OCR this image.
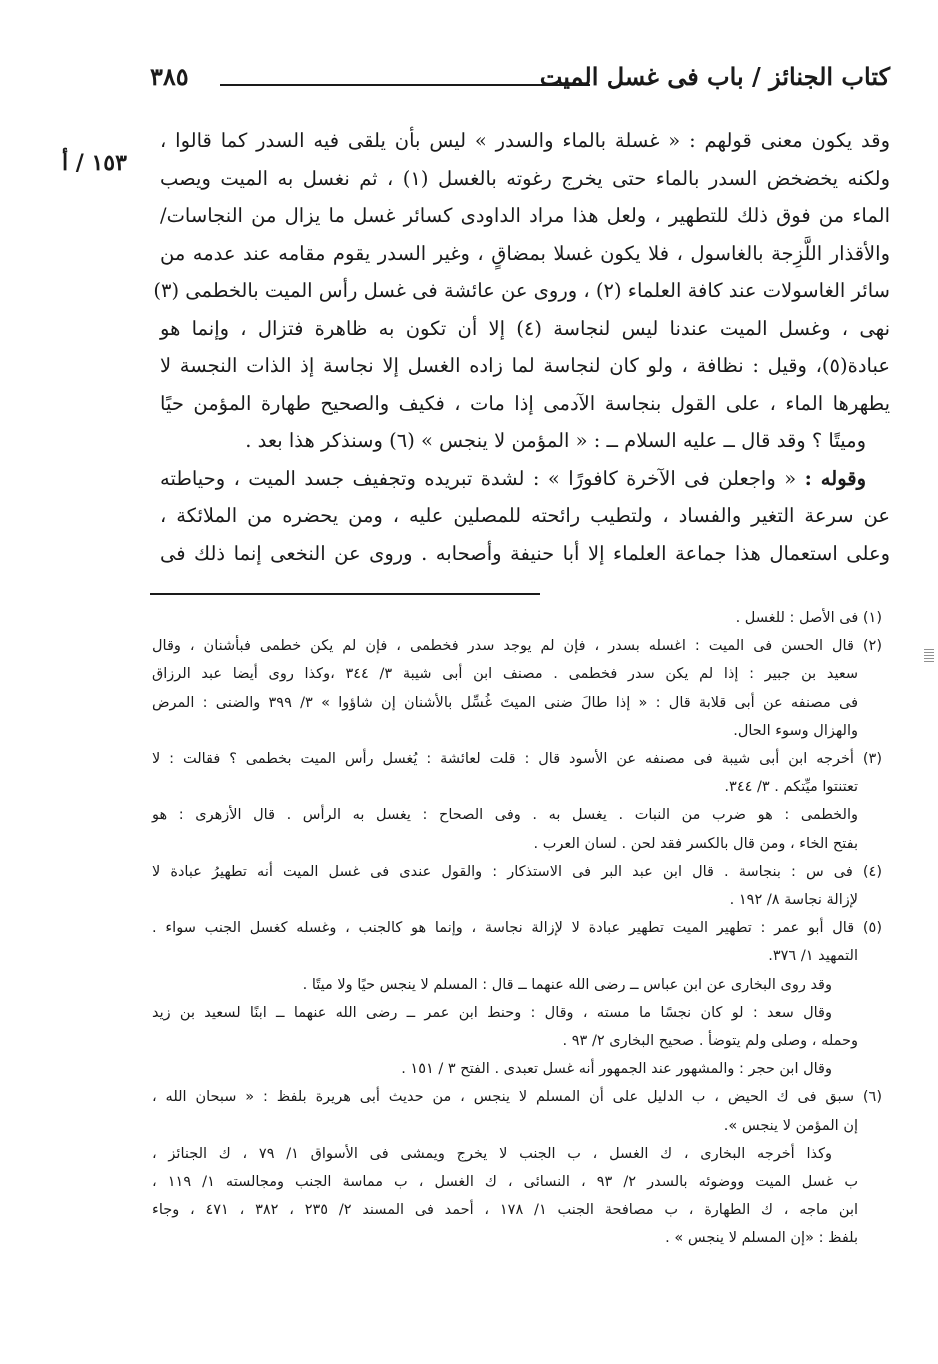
كتاب الجنائز / باب فى غسل الميت
٣٨٥
١٥٣ / أ

وقد يكون معنى قولهم : « غسلة بالماء والسدر » ليس بأن يلقى فيه السدر كما قالوا ،
ولكنه يخضخض السدر بالماء حتى يخرج رغوته بالغسل (١) ، ثم نغسل به الميت ويصب
الماء من فوق ذلك للتطهير ، ولعل هذا مراد الداودى كسائر غسل ما يزال من النجاسات/
والأقذار اللَّزِجة بالغاسول ، فلا يكون غسلا بمضاقٍ ، وغير السدر يقوم مقامه عند عدمه من
سائر الغاسولات عند كافة العلماء (٢) ، وروى عن عائشة فى غسل رأس الميت بالخطمى (٣)
نهى ، وغسل الميت عندنا ليس لنجاسة (٤) إلا أن تكون به ظاهرة فتزال ، وإنما هو
عبادة(٥)، وقيل : نظافة ، ولو كان لنجاسة لما زاده الغسل إلا نجاسة إذ الذات النجسة لا
يطهرها الماء ، على القول بنجاسة الآدمى إذا مات ، فكيف والصحيح طهارة المؤمن حيًا
وميتًا ؟ وقد قال ــ عليه السلام ــ : « المؤمن لا ينجس » (٦) وسنذكر هذا بعد .

وقوله : « واجعلن فى الآخرة كافورًا » : لشدة تبريده وتجفيف جسد الميت ، وحياطته
عن سرعة التغير والفساد ، ولتطيب رائحته للمصلين عليه ، ومن يحضره من الملائكة ،
وعلى استعمال هذا جماعة العلماء إلا أبا حنيفة وأصحابه . وروى عن النخعى إنما ذلك فى

(١) فى الأصل : للغسل .
(٢) قال الحسن فى الميت : اغسله بسدر ، فإن لم يوجد سدر فخطمى ، فإن لم يكن خطمى فبأشنان ، وقال
سعيد بن جبير : إذا لم يكن سدر فخطمى . مصنف ابن أبى شيبة ٣/ ٣٤٤ ،وكذا روى أيضا عبد الرزاق
فى مصنفه عن أبى قلابة قال : « إذا طالَ ضنى الميتَ غُسِّل بالأشنان إن شاؤوا » ٣/ ٣٩٩ والضنى : المرض
والهزال وسوء الحال.
(٣) أخرجه ابن أبى شيبة فى مصنفه عن الأسود قال : قلت لعائشة : يُغسل رأس الميت بخطمى ؟ فقالت : لا
تعتنتوا ميِّتكم . ٣/ ٣٤٤.
والخطمى : هو ضرب من النبات . يغسل به . وفى الصحاح : يغسل به الرأس . قال الأزهرى : هو
بفتح الخاء ، ومن قال بالكسر فقد لحن . لسان العرب .
(٤) فى س : بنجاسة . قال ابن عبد البر فى الاستذكار : والقول عندى فى غسل الميت أنه تطهيرُ عبادة لا
لإزالة نجاسة ٨/ ١٩٢ .
(٥) قال أبو عمر : تطهير الميت تطهير عبادة لا لإزالة نجاسة ، وإنما هو كالجنب ، وغسله كغسل الجنب سواء .
التمهيد ١/ ٣٧٦.
وقد روى البخارى عن ابن عباس ــ رضى الله عنهما ــ قال : المسلم لا ينجس حيًا ولا ميتًا .
وقال سعد : لو كان نجسًا ما مسته ، وقال : وحنط ابن عمر ــ رضى الله عنهما ــ ابنًا لسعيد بن زيد
وحمله ، وصلى ولم يتوضأ . صحيح البخارى ٢/ ٩٣ .
وقال ابن حجر : والمشهور عند الجمهور أنه غسل تعبدى . الفتح ٣ / ١٥١ .
(٦) سبق فى ك الحيض ، ب الدليل على أن المسلم لا ينجس ، من حديث أبى هريرة بلفظ : « سبحان الله ،
إن المؤمن لا ينجس ».
وكذا أخرجه البخارى ، ك الغسل ، ب الجنب لا يخرج ويمشى فى الأسواق ١/ ٧٩ ، ك الجنائز ،
ب غسل الميت ووضوئه بالسدر ٢/ ٩٣ ، النسائى ، ك الغسل ، ب مماسة الجنب ومجالسته ١/ ١١٩ ،
ابن ماجه ، ك الطهارة ، ب مصافحة الجنب ١/ ١٧٨ ، أحمد فى المسند ٢/ ٢٣٥ ، ٣٨٢ ، ٤٧١ ، وجاء
بلفظ : «إن المسلم لا ينجس » .
